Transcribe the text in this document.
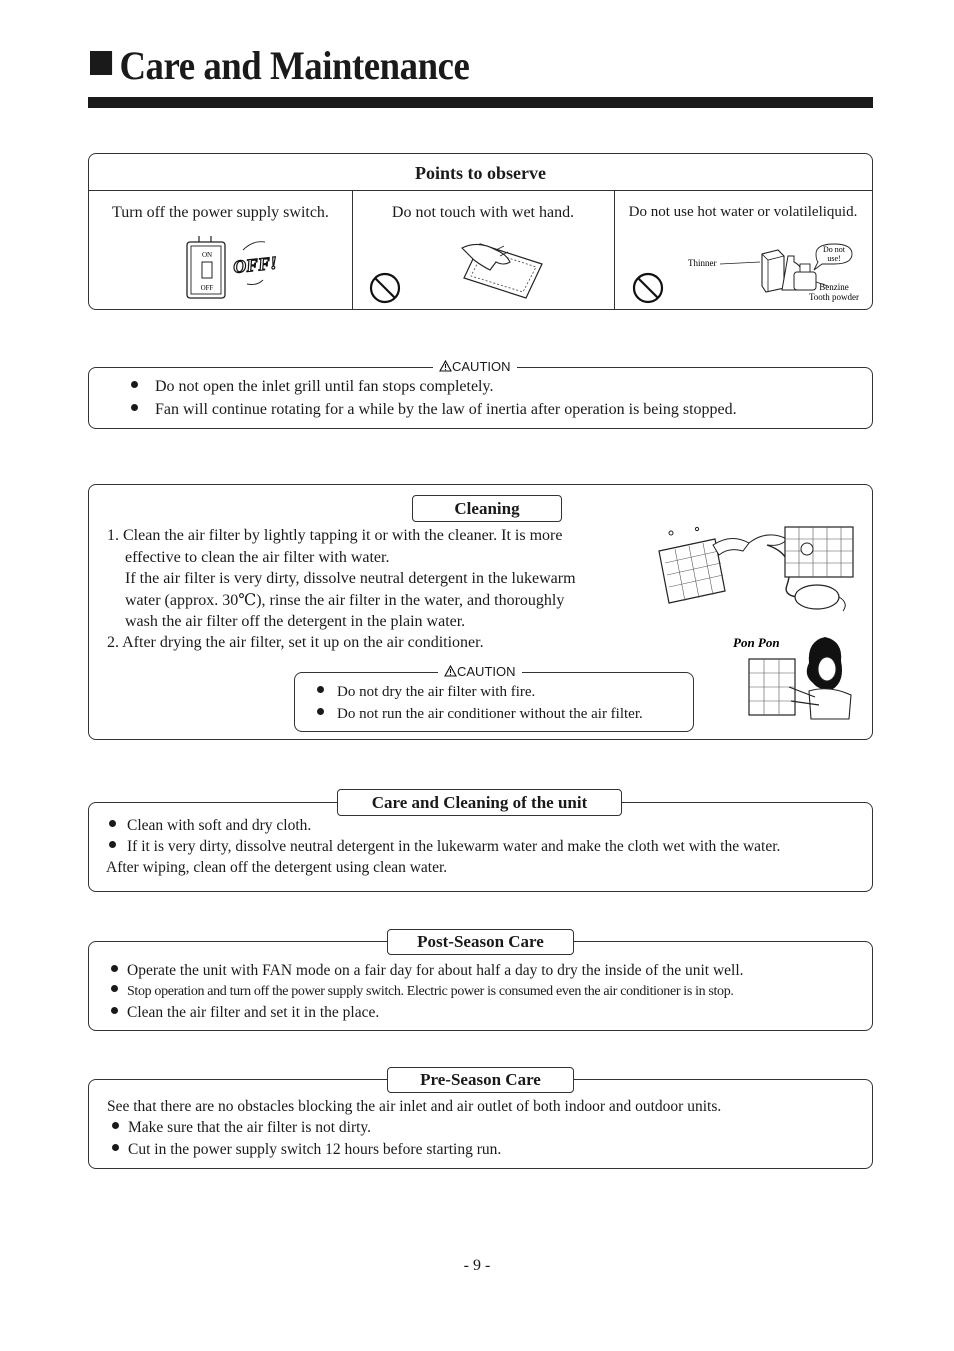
Care and Maintenance
Points to observe
Turn off the power supply switch.
ON
OFF
OFF!
Do not touch with wet hand.	Do not use hot water or volatileliquid.
Thinner
Do not
use!
Benzine
Tooth powder
CAUTION
Do not open the inlet grill until fan stops completely.
Fan will continue rotating for a while by the law of inertia after operation is being stopped.
Cleaning
1. Clean the air filter by lightly tapping it or with the cleaner. It is more
effective to clean the air filter with water.
If the air filter is very dirty, dissolve neutral detergent in the lukewarm
water (approx. 30℃), rinse the air filter in the water, and thoroughly
wash the air filter off the detergent in the plain water.
2. After drying the air filter, set it up on the air conditioner.	Pon Pon
CAUTION
Do not dry the air filter with fire.
Do not run the air conditioner without the air filter.
Care and Cleaning of the unit
Clean with soft and dry cloth.
If it is very dirty, dissolve neutral detergent in the lukewarm water and make the cloth wet with the water.
After wiping, clean off the detergent using clean water.
Post-Season Care
Operate the unit with FAN mode on a fair day for about half a day to dry the inside of the unit well.
Stop operation and turn off the power supply switch. Electric power is consumed even the air conditioner is in stop.
Clean the air filter and set it in the place.
Pre-Season Care
See that there are no obstacles blocking the air inlet and air outlet of both indoor and outdoor units.
Make sure that the air filter is not dirty.
Cut in the power supply switch 12 hours before starting run.
- 9 -
